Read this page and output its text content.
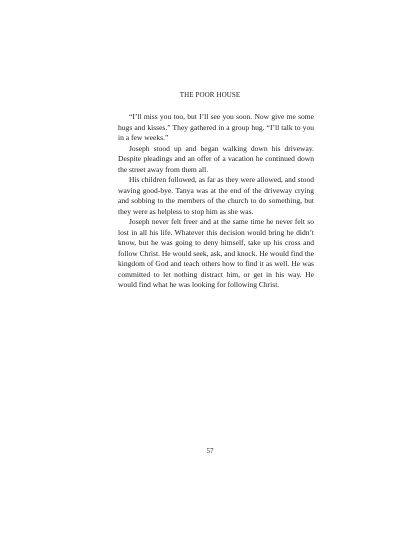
THE POOR HOUSE

“I’ll miss you too, but I’ll see you soon. Now give me some hugs and kisses.” They gathered in a group hug. “I’ll talk to you in a few weeks.”

Joseph stood up and began walking down his driveway. Despite pleadings and an offer of a vacation he continued down the street away from them all.

His children followed, as far as they were allowed, and stood waving good-bye. Tanya was at the end of the driveway crying and sobbing to the members of the church to do something, but they were as helpless to stop him as she was.

Joseph never felt freer and at the same time he never felt so lost in all his life. Whatever this decision would bring he didn’t know, but he was going to deny himself, take up his cross and follow Christ. He would seek, ask, and knock. He would find the kingdom of God and teach others how to find it as well. He was committed to let nothing distract him, or get in his way. He would find what he was looking for following Christ.

57
